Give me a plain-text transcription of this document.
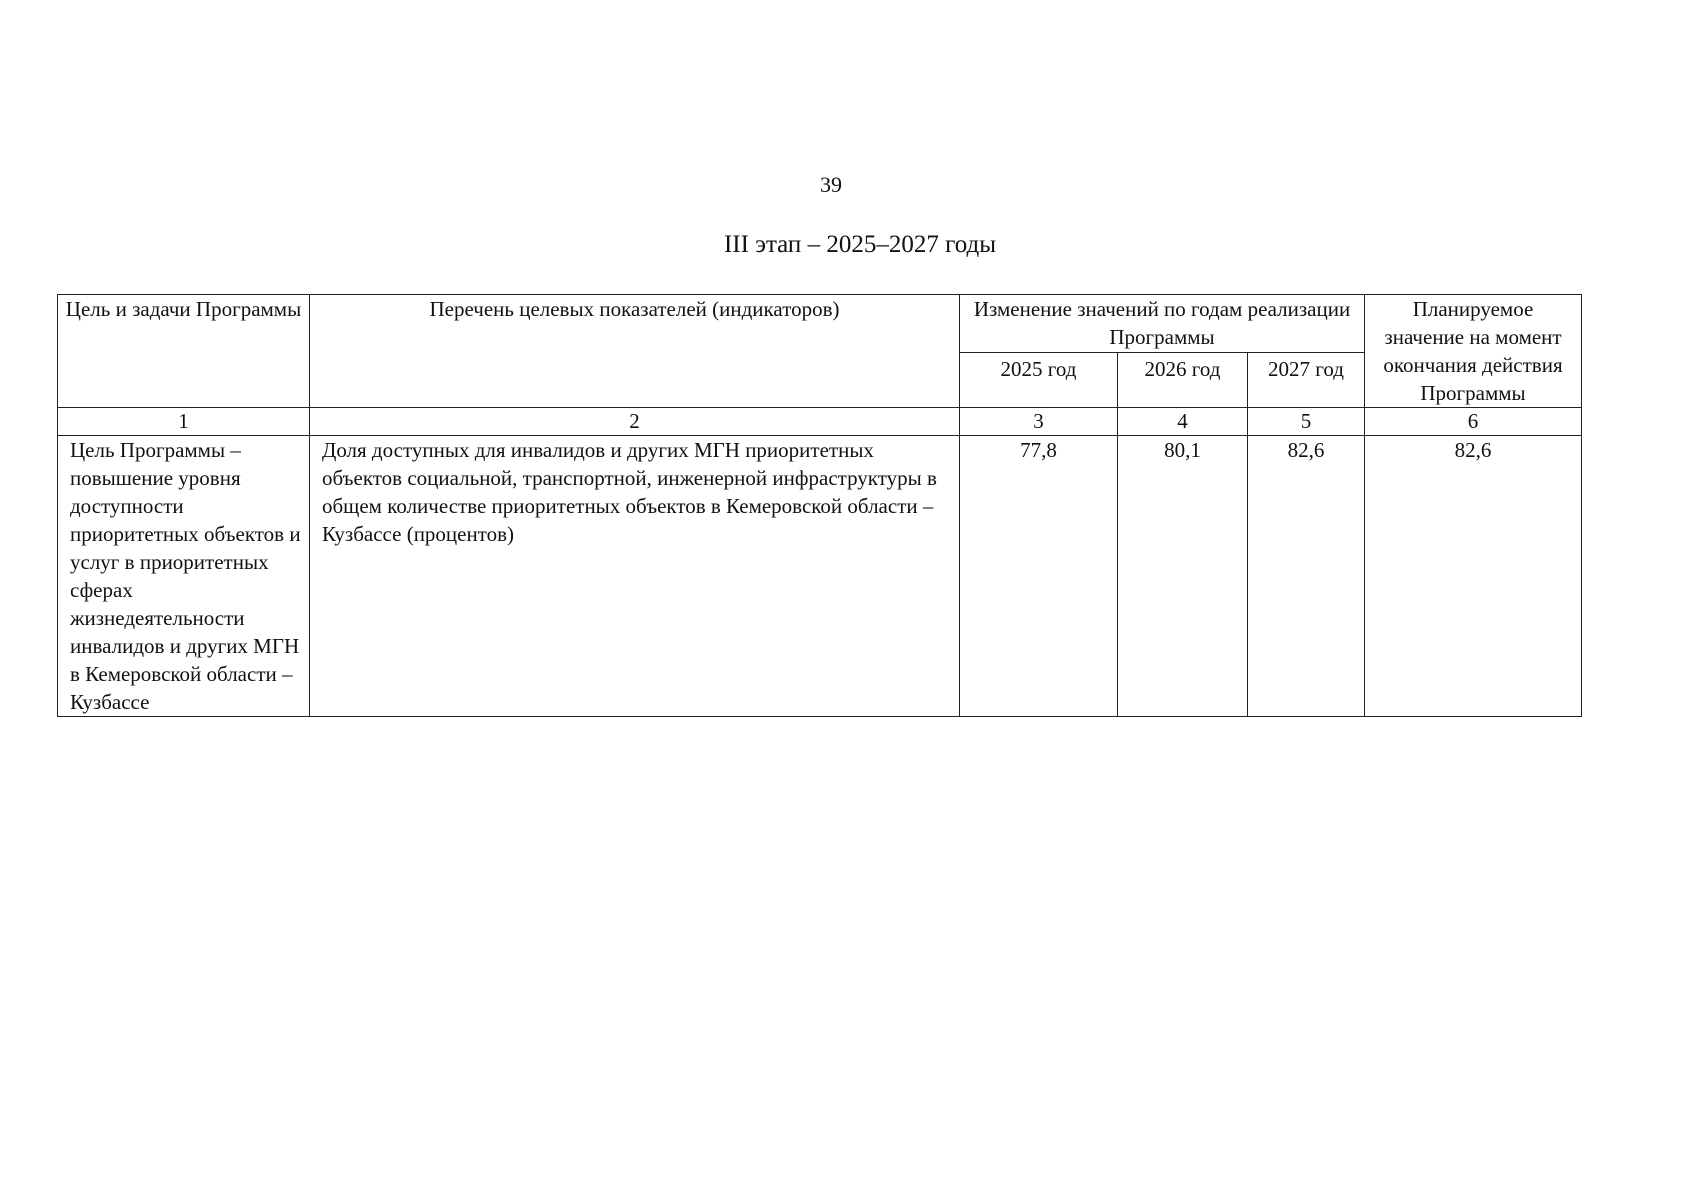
39
III этап – 2025–2027 годы
Цель и задачи Программы	Перечень целевых показателей (индикаторов)	Изменение значений по годам реализации Программы			Планируемое значение на момент окончания действия Программы
		2025 год	2026 год	2027 год	
1	2	3	4	5	6
Цель Программы – повышение уровня доступности приоритетных объектов и услуг в приоритетных сферах жизнедеятельности инвалидов и других МГН в Кемеровской области – Кузбассе	Доля доступных для инвалидов и других МГН приоритетных объектов социальной, транспортной, инженерной инфраструктуры в общем количестве приоритетных объектов в Кемеровской области – Кузбассе (процентов)	77,8	80,1	82,6	82,6
